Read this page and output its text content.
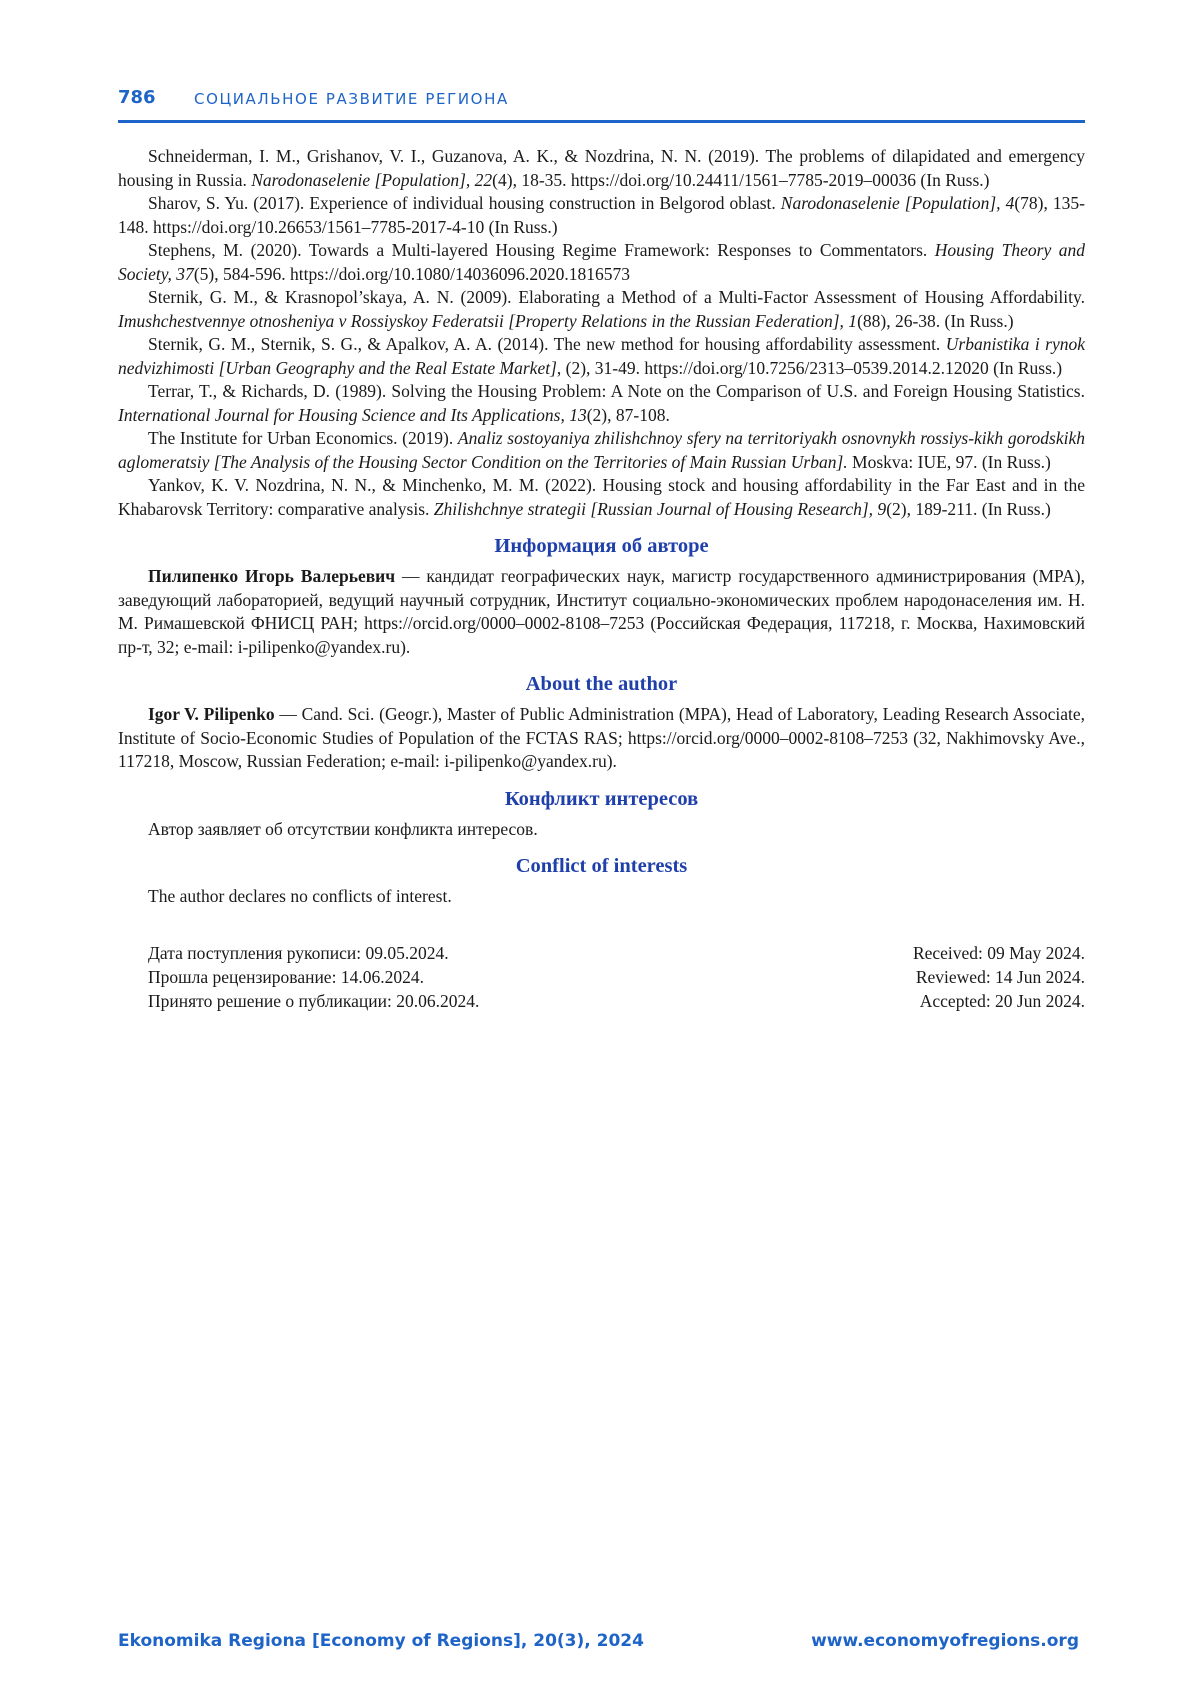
786	СОЦИАЛЬНОЕ РАЗВИТИЕ РЕГИОНА

Schneiderman, I. M., Grishanov, V. I., Guzanova, A. K., & Nozdrina, N. N. (2019). The problems of dilapidated and emergency housing in Russia. Narodonaselenie [Population], 22(4), 18-35. https://doi.org/10.24411/1561–7785-2019–00036 (In Russ.)

Sharov, S. Yu. (2017). Experience of individual housing construction in Belgorod oblast. Narodonaselenie [Population], 4(78), 135-148. https://doi.org/10.26653/1561–7785-2017-4-10 (In Russ.)

Stephens, M. (2020). Towards a Multi-layered Housing Regime Framework: Responses to Commentators. Housing Theory and Society, 37(5), 584-596. https://doi.org/10.1080/14036096.2020.1816573

Sternik, G. M., & Krasnopol’skaya, A. N. (2009). Elaborating a Method of a Multi-Factor Assessment of Housing Affordability. Imushchestvennye otnosheniya v Rossiyskoy Federatsii [Property Relations in the Russian Federation], 1(88), 26-38. (In Russ.)

Sternik, G. M., Sternik, S. G., & Apalkov, A. A. (2014). The new method for housing affordability assessment. Urbanistika i rynok nedvizhimosti [Urban Geography and the Real Estate Market], (2), 31-49. https://doi.org/10.7256/2313–0539.2014.2.12020 (In Russ.)

Terrar, T., & Richards, D. (1989). Solving the Housing Problem: A Note on the Comparison of U.S. and Foreign Housing Statistics. International Journal for Housing Science and Its Applications, 13(2), 87-108.

The Institute for Urban Economics. (2019). Analiz sostoyaniya zhilishchnoy sfery na territoriyakh osnovnykh rossiys-kikh gorodskikh aglomeratsiy [The Analysis of the Housing Sector Condition on the Territories of Main Russian Urban]. Moskva: IUE, 97. (In Russ.)

Yankov, K. V. Nozdrina, N. N., & Minchenko, M. M. (2022). Housing stock and housing affordability in the Far East and in the Khabarovsk Territory: comparative analysis. Zhilishchnye strategii [Russian Journal of Housing Research], 9(2), 189-211. (In Russ.)

Информация об авторе

Пилипенко Игорь Валерьевич — кандидат географических наук, магистр государственного администрирования (MPA), заведующий лабораторией, ведущий научный сотрудник, Институт социально-экономических проблем народонаселения им. Н. М. Римашевской ФНИСЦ РАН; https://orcid.org/0000–0002-8108–7253 (Российская Федерация, 117218, г. Москва, Нахимовский пр-т, 32; e-mail: i-pilipenko@yandex.ru).

About the author

Igor V. Pilipenko — Cand. Sci. (Geogr.), Master of Public Administration (MPA), Head of Laboratory, Leading Research Associate, Institute of Socio-Economic Studies of Population of the FCTAS RAS; https://orcid.org/0000–0002-8108–7253 (32, Nakhimovsky Ave., 117218, Moscow, Russian Federation; e-mail: i-pilipenko@yandex.ru).

Конфликт интересов

Автор заявляет об отсутствии конфликта интересов.

Conflict of interests

The author declares no conflicts of interest.

Дата поступления рукописи: 09.05.2024.
Прошла рецензирование: 14.06.2024.
Принято решение о публикации: 20.06.2024.
Received: 09 May 2024.
Reviewed: 14 Jun 2024.
Accepted: 20 Jun 2024.
Ekonomika Regiona [Economy of Regions], 20(3), 2024	www.economyofregions.org
